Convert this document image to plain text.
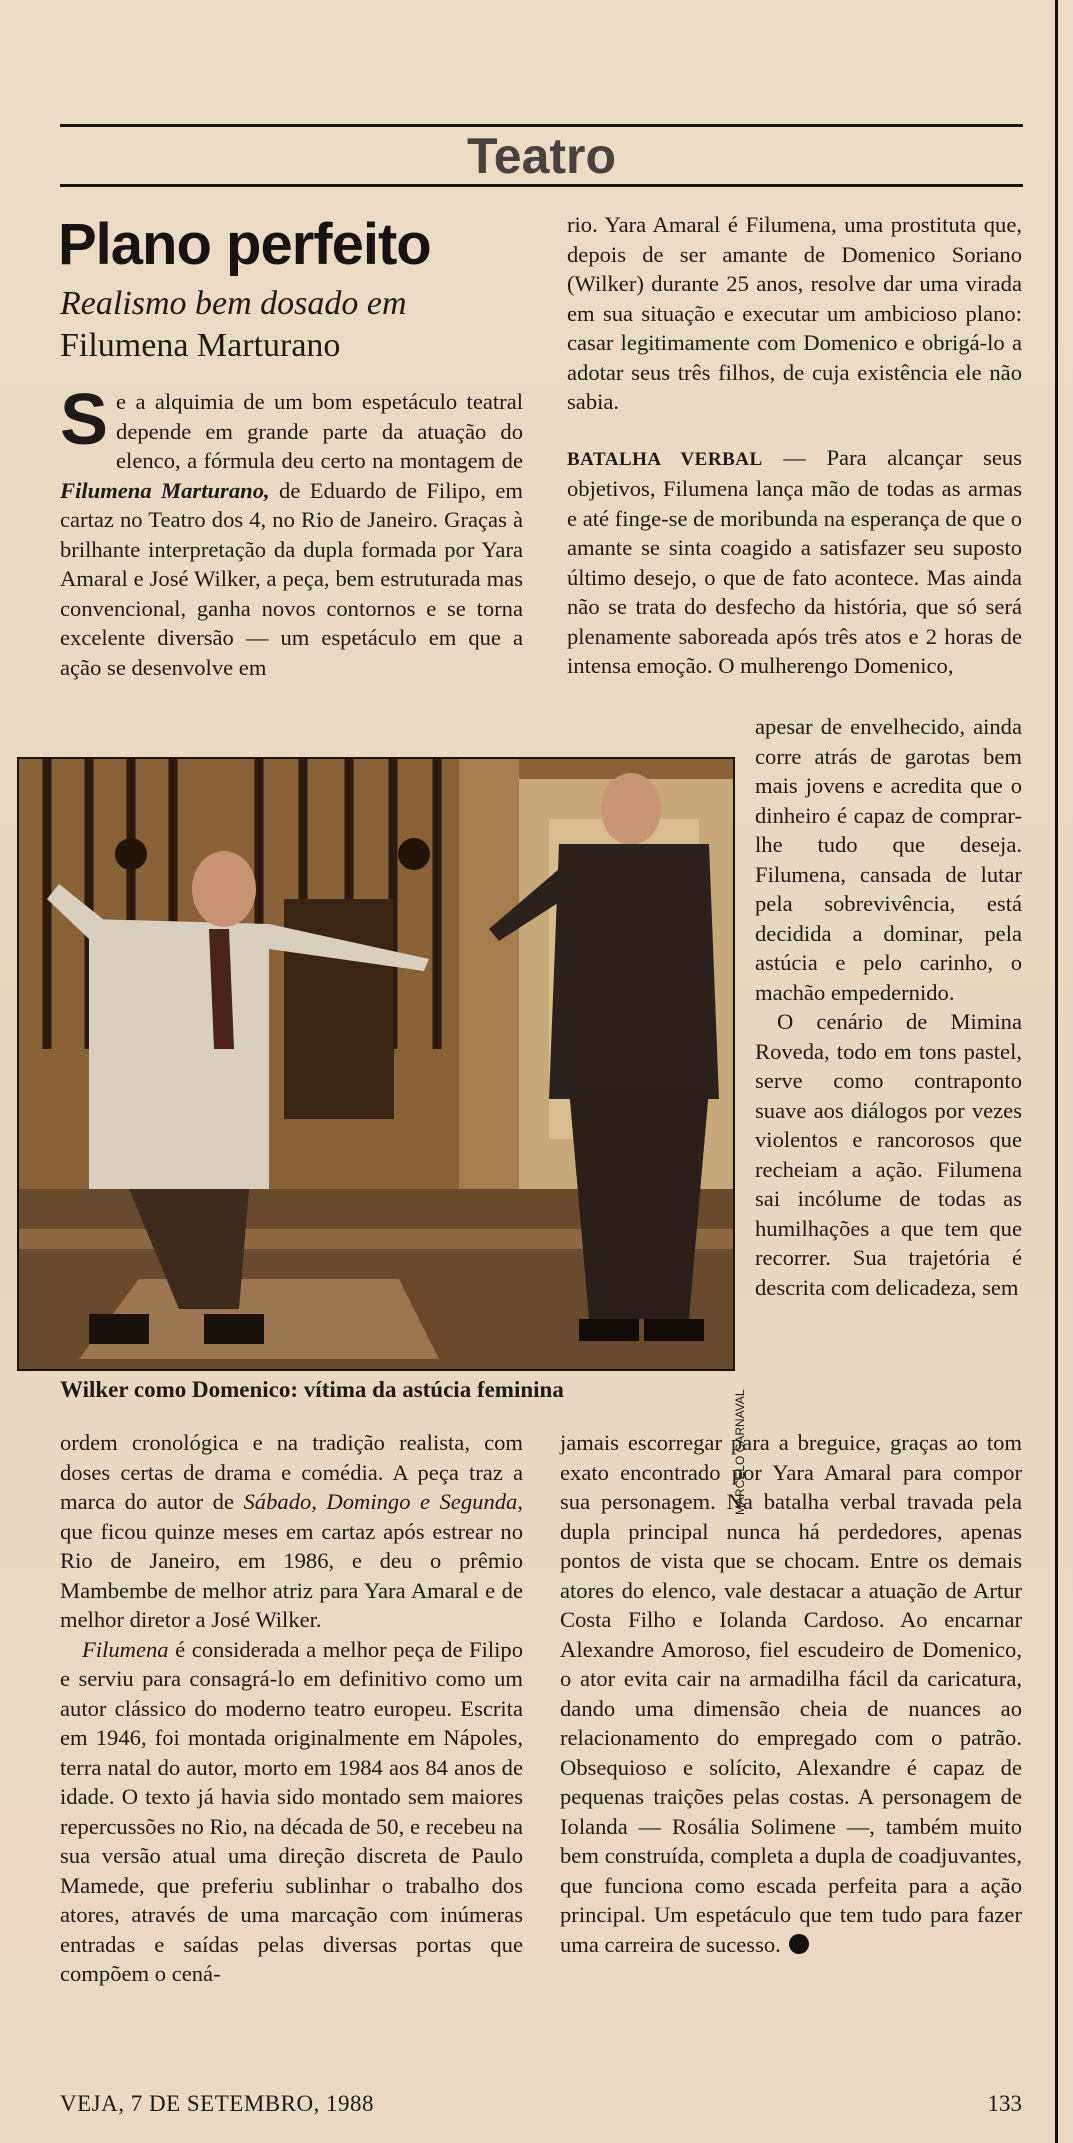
Teatro
Plano perfeito
Realismo bem dosado em
Filumena Marturano

Se a alquimia de um bom espetáculo teatral depende em grande parte da atuação do elenco, a fórmula deu certo na montagem de Filumena Marturano, de Eduardo de Filipo, em cartaz no Teatro dos 4, no Rio de Janeiro. Graças à brilhante interpretação da dupla formada por Yara Amaral e José Wilker, a peça, bem estruturada mas convencional, ganha novos contornos e se torna excelente diversão — um espetáculo em que a ação se desenvolve em

rio. Yara Amaral é Filumena, uma prostituta que, depois de ser amante de Domenico Soriano (Wilker) durante 25 anos, resolve dar uma virada em sua situação e executar um ambicioso plano: casar legitimamente com Domenico e obrigá-lo a adotar seus três filhos, de cuja existência ele não sabia.

BATALHA VERBAL — Para alcançar seus objetivos, Filumena lança mão de todas as armas e até finge-se de moribunda na esperança de que o amante se sinta coagido a satisfazer seu suposto último desejo, o que de fato acontece. Mas ainda não se trata do desfecho da história, que só será plenamente saboreada após três atos e 2 horas de intensa emoção. O mulherengo Domenico,

apesar de envelhecido, ainda corre atrás de garotas bem mais jovens e acredita que o dinheiro é capaz de comprar-lhe tudo que deseja. Filumena, cansada de lutar pela sobrevivência, está decidida a dominar, pela astúcia e pelo carinho, o machão empedernido.

O cenário de Mimina Roveda, todo em tons pastel, serve como contraponto suave aos diálogos por vezes violentos e rancorosos que recheiam a ação. Filumena sai incólume de todas as humilhações a que tem que recorrer. Sua trajetória é descrita com delicadeza, sem

MARCELO CARNAVAL
Wilker como Domenico: vítima da astúcia feminina

ordem cronológica e na tradição realista, com doses certas de drama e comédia. A peça traz a marca do autor de Sábado, Domingo e Segunda, que ficou quinze meses em cartaz após estrear no Rio de Janeiro, em 1986, e deu o prêmio Mambembe de melhor atriz para Yara Amaral e de melhor diretor a José Wilker.

Filumena é considerada a melhor peça de Filipo e serviu para consagrá-lo em definitivo como um autor clássico do moderno teatro europeu. Escrita em 1946, foi montada originalmente em Nápoles, terra natal do autor, morto em 1984 aos 84 anos de idade. O texto já havia sido montado sem maiores repercussões no Rio, na década de 50, e recebeu na sua versão atual uma direção discreta de Paulo Mamede, que preferiu sublinhar o trabalho dos atores, através de uma marcação com inúmeras entradas e saídas pelas diversas portas que compõem o cená-

jamais escorregar para a breguice, graças ao tom exato encontrado por Yara Amaral para compor sua personagem. Na batalha verbal travada pela dupla principal nunca há perdedores, apenas pontos de vista que se chocam. Entre os demais atores do elenco, vale destacar a atuação de Artur Costa Filho e Iolanda Cardoso. Ao encarnar Alexandre Amoroso, fiel escudeiro de Domenico, o ator evita cair na armadilha fácil da caricatura, dando uma dimensão cheia de nuances ao relacionamento do empregado com o patrão. Obsequioso e solícito, Alexandre é capaz de pequenas traições pelas costas. A personagem de Iolanda — Rosália Solimene —, também muito bem construída, completa a dupla de coadjuvantes, que funciona como escada perfeita para a ação principal. Um espetáculo que tem tudo para fazer uma carreira de sucesso.

VEJA, 7 DE SETEMBRO, 1988	133
